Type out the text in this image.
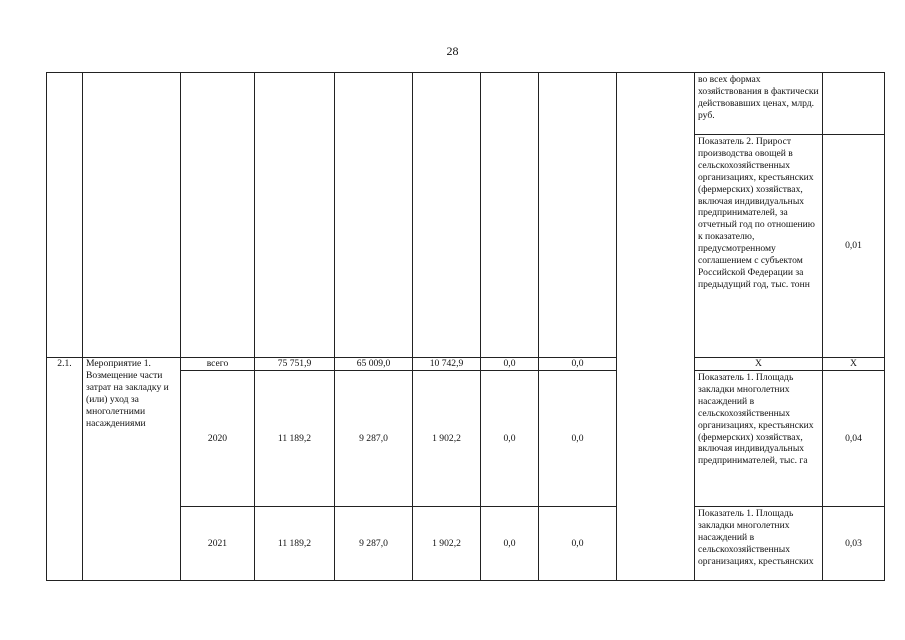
28
									во всех формах хозяйствования в фактически действовавших ценах, млрд. руб.	
									Показатель 2. Прирост производства овощей в сельскохозяйственных организациях, крестьянских (фермерских) хозяйствах, включая индивидуальных предпринимателей, за отчетный год по отношению к показателю, предусмотренному соглашением с субъектом Российской Федерации за предыдущий год, тыс. тонн	0,01
2.1.	Мероприятие 1. Возмещение части затрат на закладку и (или) уход за многолетними насаждениями	всего	75 751,9	65 009,0	10 742,9	0,0	0,0		Х	Х
		2020	11 189,2	9 287,0	1 902,2	0,0	0,0		Показатель 1. Площадь закладки многолетних насаждений в сельскохозяйственных организациях, крестьянских (фермерских) хозяйствах, включая индивидуальных предпринимателей, тыс. га	0,04
		2021	11 189,2	9 287,0	1 902,2	0,0	0,0		Показатель 1. Площадь закладки многолетних насаждений в сельскохозяйственных организациях, крестьянских	0,03
